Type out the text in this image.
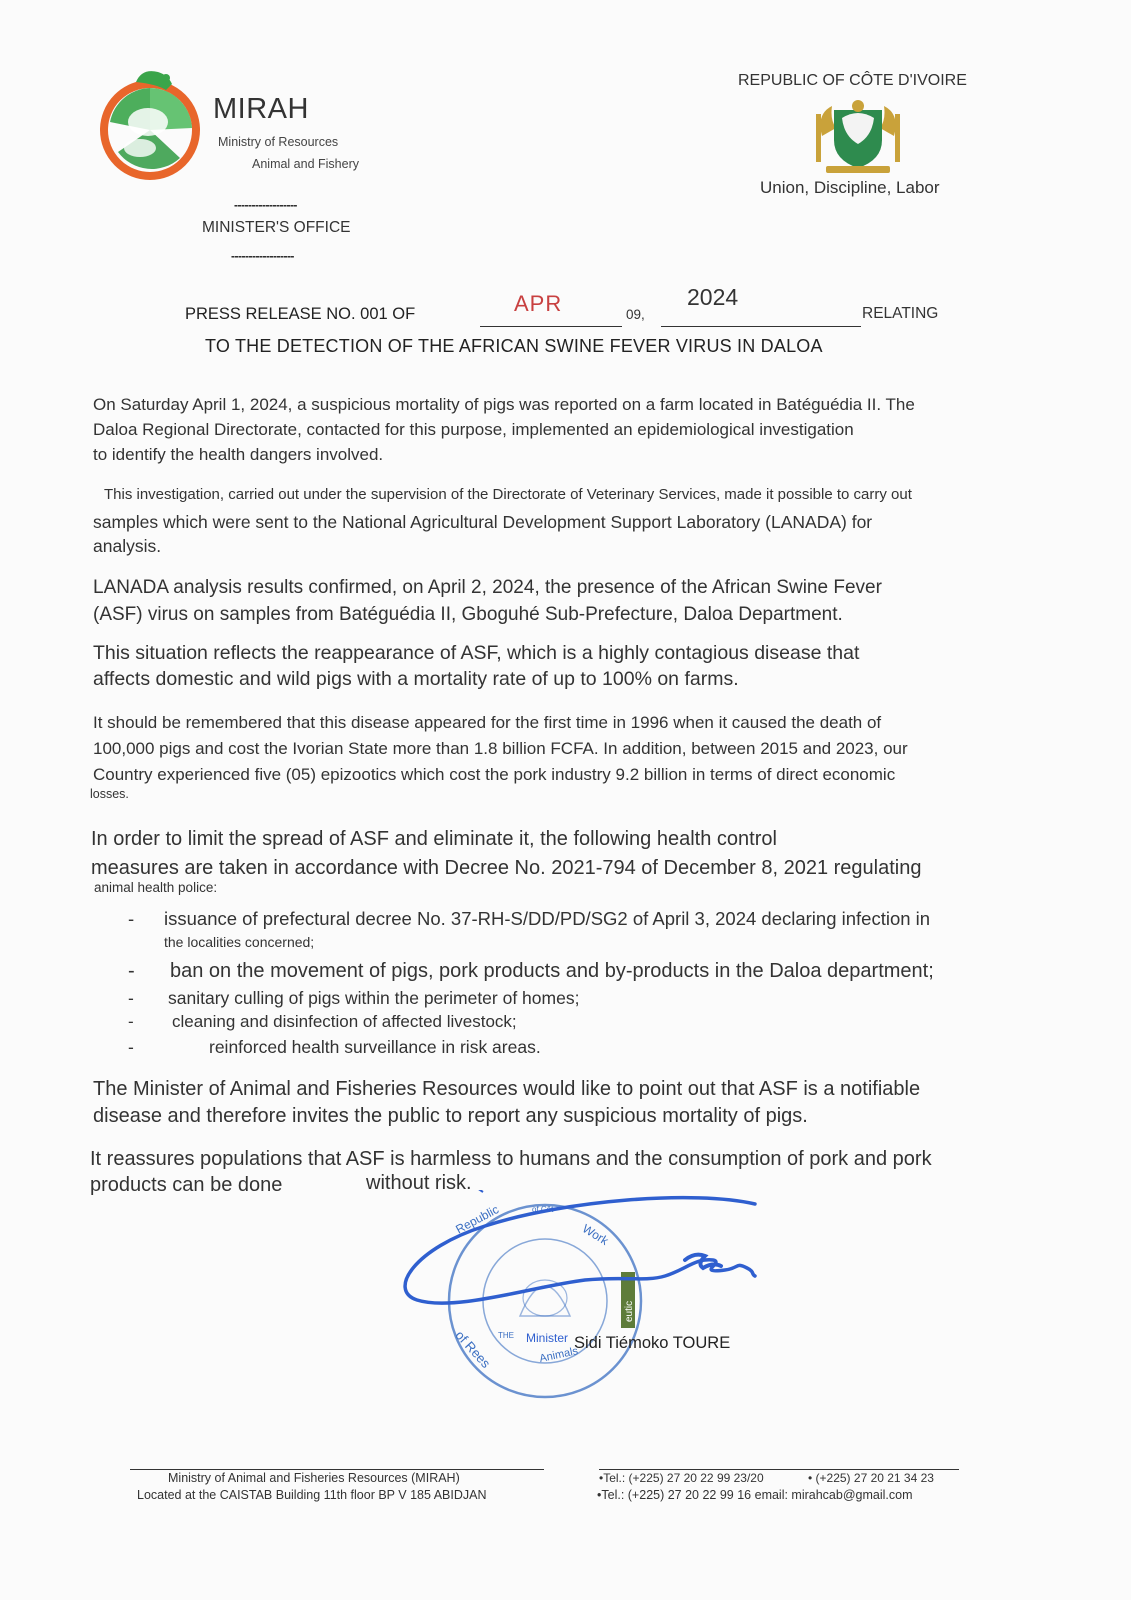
MIRAH
Ministry of Resources
Animal and Fishery
------------------
MINISTER'S OFFICE
------------------
REPUBLIC OF CÔTE D'IVOIRE
Union, Discipline, Labor
PRESS RELEASE NO. 001 OF	APR	09,
2024
RELATING
TO THE DETECTION OF THE AFRICAN SWINE FEVER VIRUS IN DALOA
On Saturday April 1, 2024, a suspicious mortality of pigs was reported on a farm located in Batéguédia II. The
Daloa Regional Directorate, contacted for this purpose, implemented an epidemiological investigation
to identify the health dangers involved.
This investigation, carried out under the supervision of the Directorate of Veterinary Services, made it possible to carry out
samples which were sent to the National Agricultural Development Support Laboratory (LANADA) for
analysis.
LANADA analysis results confirmed, on April 2, 2024, the presence of the African Swine Fever
(ASF) virus on samples from Batéguédia II, Gboguhé Sub-Prefecture, Daloa Department.
This situation reflects the reappearance of ASF, which is a highly contagious disease that
affects domestic and wild pigs with a mortality rate of up to 100% on farms.
It should be remembered that this disease appeared for the first time in 1996 when it caused the death of
100,000 pigs and cost the Ivorian State more than 1.8 billion FCFA. In addition, between 2015 and 2023, our
Country experienced five (05) epizootics which cost the pork industry 9.2 billion in terms of direct economic
losses.
In order to limit the spread of ASF and eliminate it, the following health control
measures are taken in accordance with Decree No. 2021-794 of December 8, 2021 regulating
animal health police:
- issuance of prefectural decree No. 37-RH-S/DD/PD/SG2 of April 3, 2024 declaring infection in
the localities concerned;
- ban on the movement of pigs, pork products and by-products in the Daloa department;
- sanitary culling of pigs within the perimeter of homes;
- cleaning and disinfection of affected livestock;
-	reinforced health surveillance in risk areas.
The Minister of Animal and Fisheries Resources would like to point out that ASF is a notifiable
disease and therefore invites the public to report any suspicious mortality of pigs.
It reassures populations that ASF is harmless to humans and the consumption of pork and pork
products can be done	without risk.
Republic	of Côt
Work
of Rees THE Minister
Animals
eutic
Sidi Tiémoko TOURE
Ministry of Animal and Fisheries Resources (MIRAH)
Located at the CAISTAB Building 11th floor BP V 185 ABIDJAN
•Tel.: (+225) 27 20 22 99 23/20	• (+225) 27 20 21 34 23
•Tel.: (+225) 27 20 22 99 16 email: mirahcab@gmail.com
